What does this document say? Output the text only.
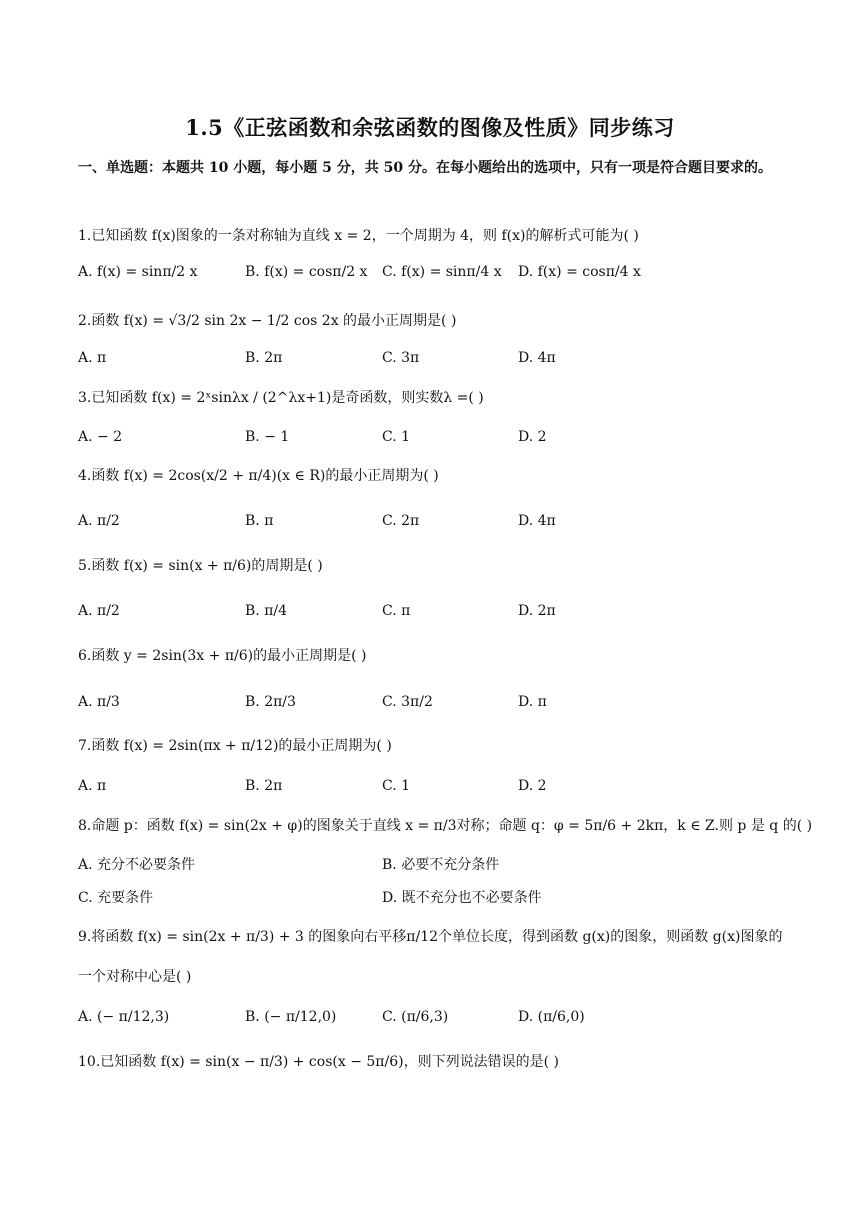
1.5《正弦函数和余弦函数的图像及性质》同步练习
一、单选题：本题共 10 小题，每小题 5 分，共 50 分。在每小题给出的选项中，只有一项是符合题目要求的。
1.已知函数 f(x)图象的一条对称轴为直线 x = 2，一个周期为 4，则 f(x)的解析式可能为( )
A. f(x) = sinπ/2 x	B. f(x) = cosπ/2 x C. f(x) = sinπ/4 x D. f(x) = cosπ/4 x
2.函数 f(x) = √3/2 sin 2x − 1/2 cos 2x 的最小正周期是( )
A. π	B. 2π	C. 3π	D. 4π
3.已知函数 f(x) = 2ˣsinλx / (2^λx+1)是奇函数，则实数λ =( )
A. − 2	B. − 1	C. 1	D. 2
4.函数 f(x) = 2cos(x/2 + π/4)(x ∈ R)的最小正周期为( )
A. π/2	B. π	C. 2π	D. 4π
5.函数 f(x) = sin(x + π/6)的周期是( )
A. π/2	B. π/4	C. π	D. 2π
6.函数 y = 2sin(3x + π/6)的最小正周期是( )
A. π/3	B. 2π/3	C. 3π/2	D. π
7.函数 f(x) = 2sin(πx + π/12)的最小正周期为( )
A. π	B. 2π	C. 1	D. 2
8.命题 p：函数 f(x) = sin(2x + φ)的图象关于直线 x = π/3对称；命题 q：φ = 5π/6 + 2kπ，k ∈ Z.则 p 是 q 的( )
A. 充分不必要条件	B. 必要不充分条件
C. 充要条件	D. 既不充分也不必要条件
9.将函数 f(x) = sin(2x + π/3) + 3 的图象向右平移π/12个单位长度，得到函数 g(x)的图象，则函数 g(x)图象的
一个对称中心是( )
A. (− π/12,3)	B. (− π/12,0)	C. (π/6,3)	D. (π/6,0)
10.已知函数 f(x) = sin(x − π/3) + cos(x − 5π/6)，则下列说法错误的是( )
